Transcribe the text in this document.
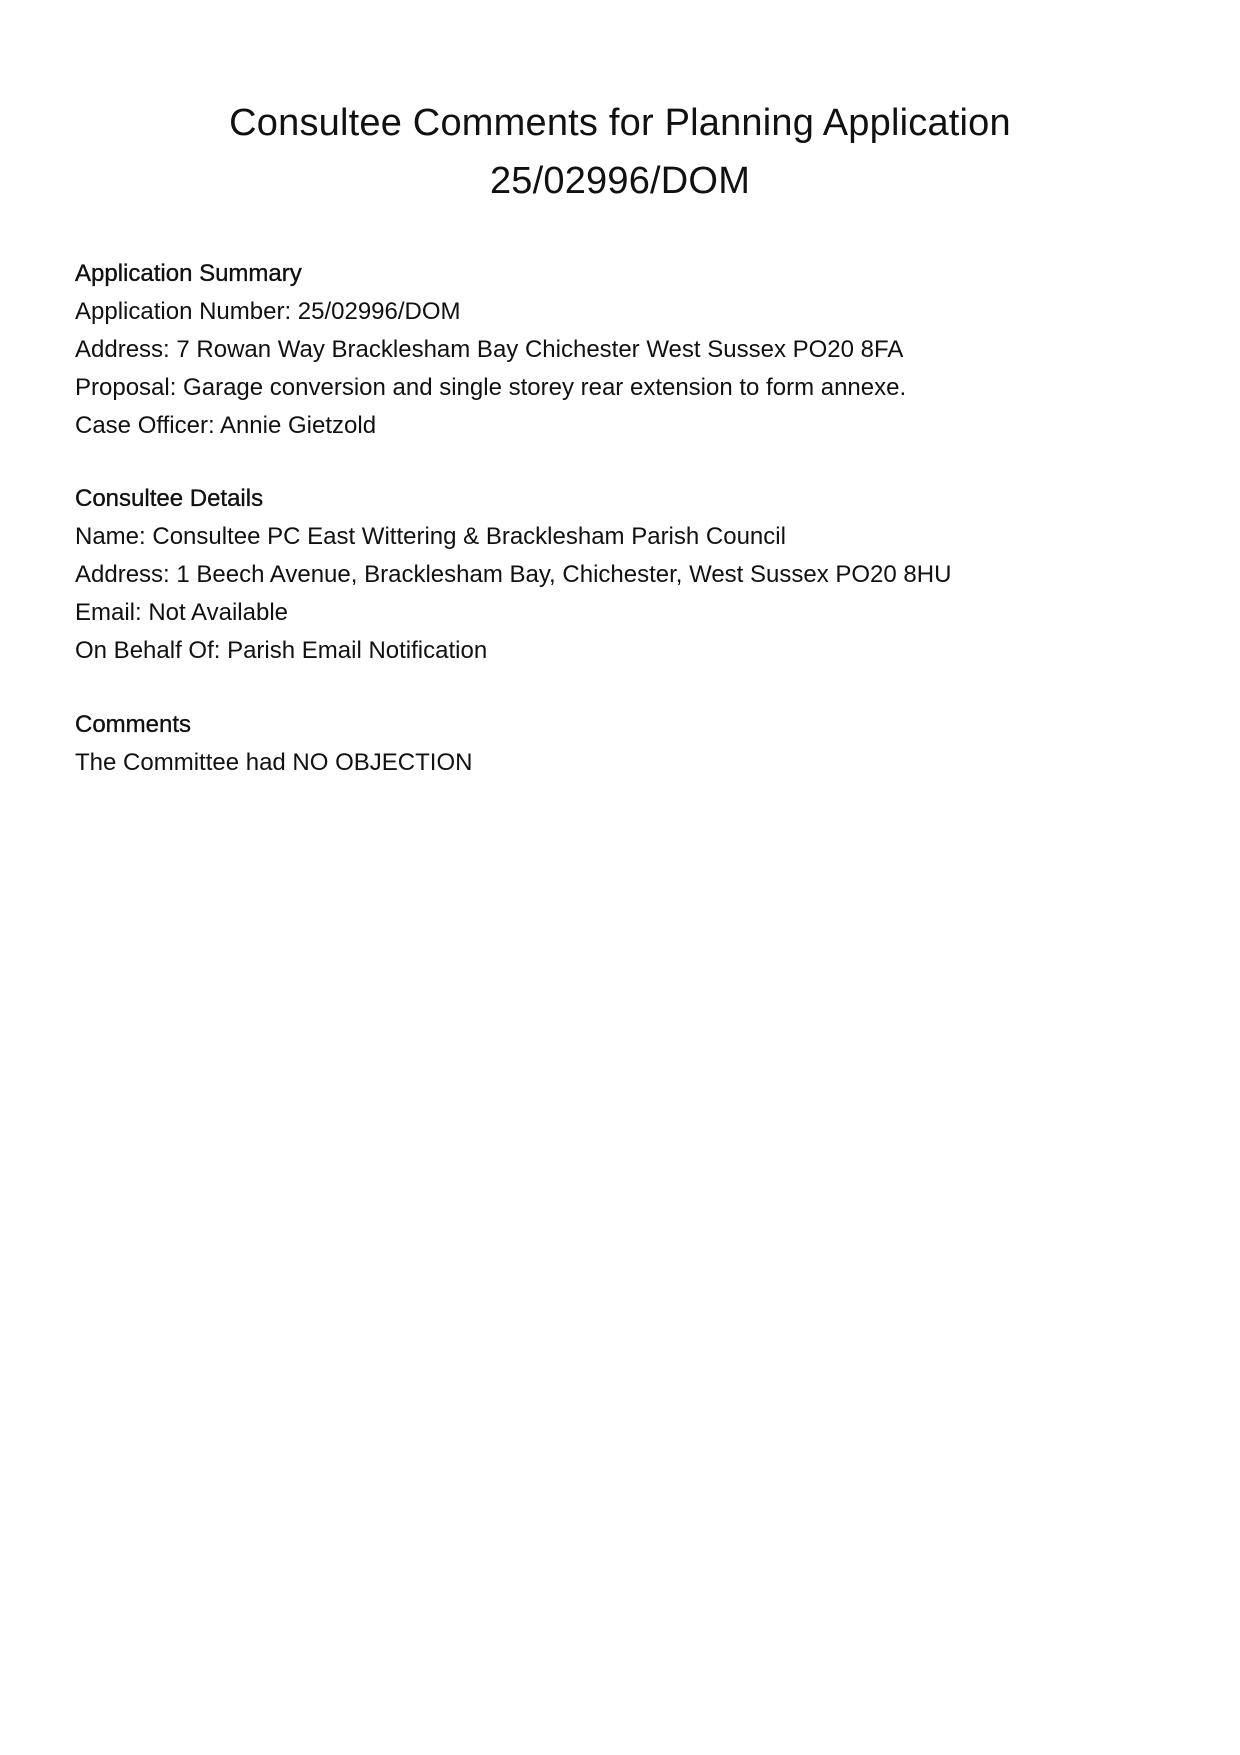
Consultee Comments for Planning Application
25/02996/DOM

Application Summary

Application Number: 25/02996/DOM

Address: 7 Rowan Way Bracklesham Bay Chichester West Sussex PO20 8FA

Proposal: Garage conversion and single storey rear extension to form annexe.

Case Officer: Annie Gietzold

Consultee Details

Name: Consultee PC East Wittering & Bracklesham Parish Council

Address: 1 Beech Avenue, Bracklesham Bay, Chichester, West Sussex PO20 8HU

Email: Not Available

On Behalf Of: Parish Email Notification

Comments

The Committee had NO OBJECTION
